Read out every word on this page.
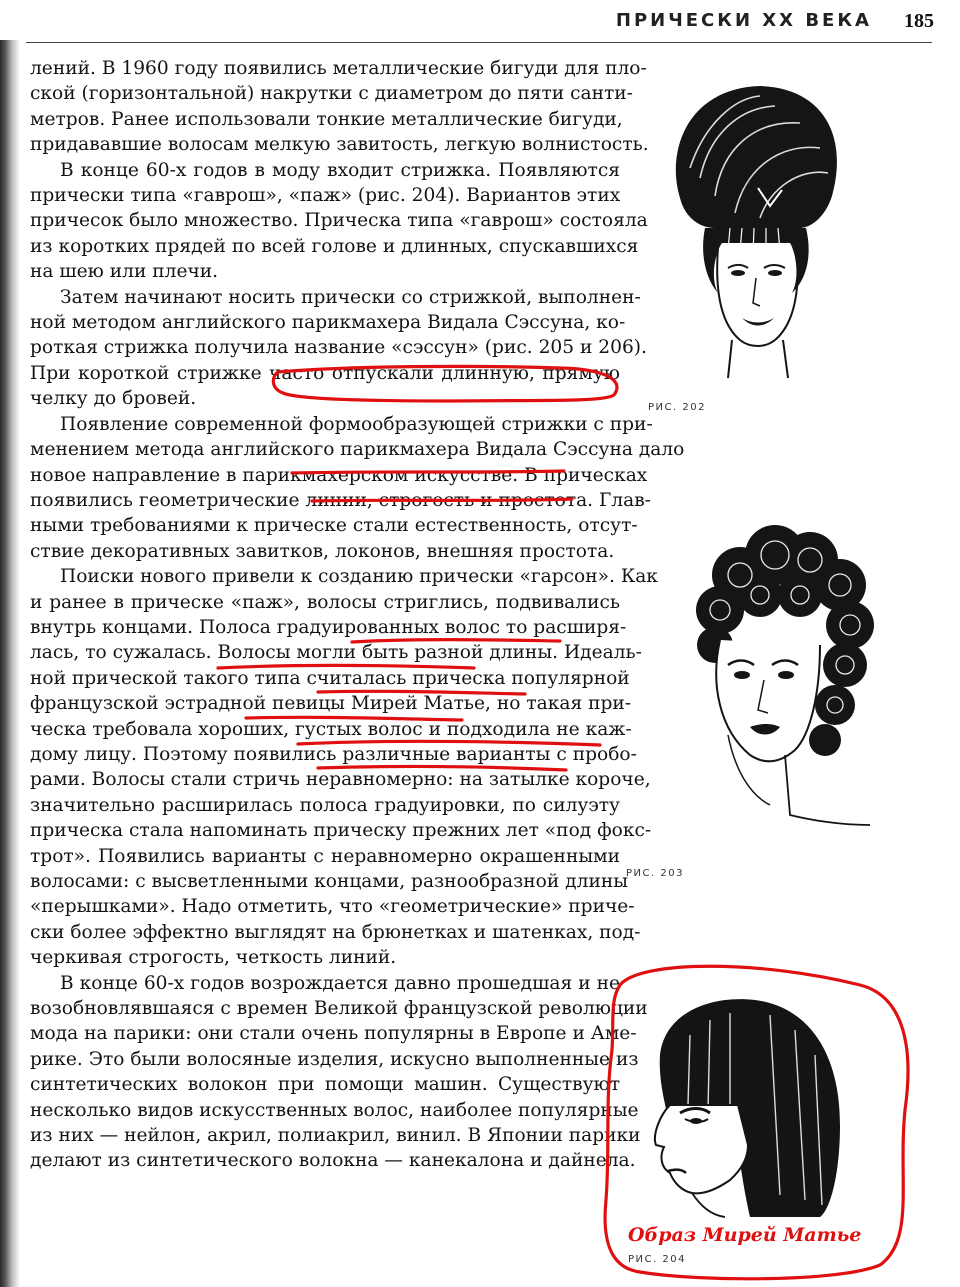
ПРИЧЕСКИ ХХ ВЕКА 185

лений. В 1960 году появились металлические бигуди для пло-
ской (горизонтальной) накрутки с диаметром до пяти санти-
метров. Ранее использовали тонкие металлические бигуди,
придававшие волосам мелкую завитость, легкую волнистость.

В конце 60-х годов в моду входит стрижка. Появляются
прически типа «гаврош», «паж» (рис. 204). Вариантов этих
причесок было множество. Прическа типа «гаврош» состояла
из коротких прядей по всей голове и длинных, спускавшихся
на шею или плечи.

Затем начинают носить прически со стрижкой, выполнен-
ной методом английского парикмахера Видала Сэссуна, ко-
роткая стрижка получила название «сэссун» (рис. 205 и 206).
При короткой стрижке часто отпускали длинную, прямую
челку до бровей.

Появление современной формообразующей стрижки с при-
менением метода английского парикмахера Видала Сэссуна дало
новое направление в парикмахерском искусстве. В прическах
появились геометрические линии, строгость и простота. Глав-
ными требованиями к прическе стали естественность, отсут-
ствие декоративных завитков, локонов, внешняя простота.

Поиски нового привели к созданию прически «гарсон». Как
и ранее в прическе «паж», волосы стриглись, подвивались
внутрь концами. Полоса градуированных волос то расширя-
лась, то сужалась. Волосы могли быть разной длины. Идеаль-
ной прической такого типа считалась прическа популярной
французской эстрадной певицы Мирей Матье, но такая при-
ческа требовала хороших, густых волос и подходила не каж-
дому лицу. Поэтому появились различные варианты с пробо-
рами. Волосы стали стричь неравномерно: на затылке короче,
значительно расширилась полоса градуировки, по силуэту
прическа стала напоминать прическу прежних лет «под фокс-
трот». Появились варианты с неравномерно окрашенными
волосами: с высветленными концами, разнообразной длины
«перышками». Надо отметить, что «геометрические» приче-
ски более эффектно выглядят на брюнетках и шатенках, под-
черкивая строгость, четкость линий.

В конце 60-х годов возрождается давно прошедшая и не
возобновлявшаяся с времен Великой французской революции
мода на парики: они стали очень популярны в Европе и Аме-
рике. Это были волосяные изделия, искусно выполненные из
синтетических волокон при помощи машин. Существуют
несколько видов искусственных волос, наиболее популярные
из них — нейлон, акрил, полиакрил, винил. В Японии парики
делают из синтетического волокна — канекалона и дайнела.

РИС. 202
РИС. 203
РИС. 204
Образ Мирей Матье
